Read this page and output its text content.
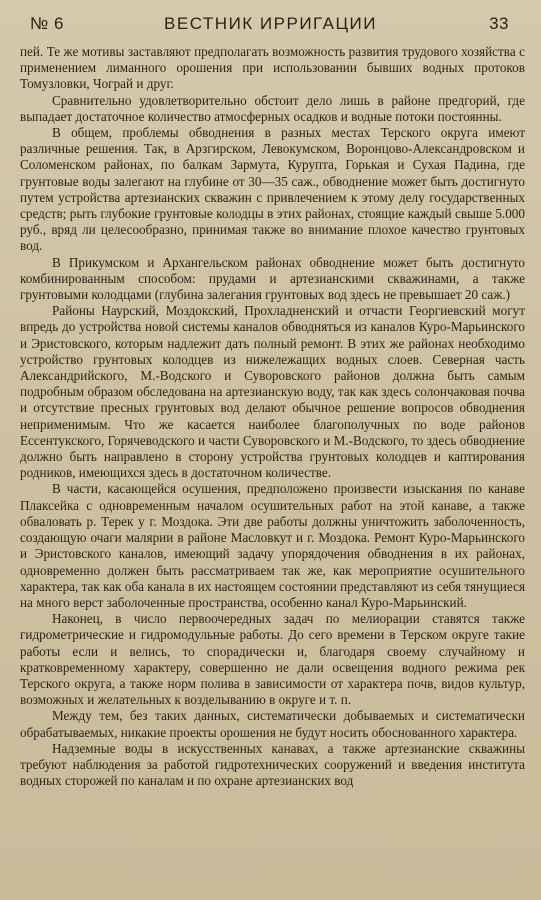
№ 6	ВЕСТНИК ИРРИГАЦИИ	33

пей. Те же мотивы заставляют предполагать возможность развития трудового хозяйства с применением лиманного орошения при использовании бывших водных протоков Томузловки, Чограй и друг.

Сравнительно удовлетворительно обстоит дело лишь в районе предгорий, где выпадает достаточное количество атмосферных осадков и водные потоки постоянны.

В общем, проблемы обводнения в разных местах Терского округа имеют различные решения. Так, в Арзгирском, Левокумском, Воронцово-Александровском и Соломенском районах, по балкам Зармута, Курупта, Горькая и Сухая Падина, где грунтовые воды залегают на глубине от 30—35 саж., обводнение может быть достигнуто путем устройства артезианских скважин с привлечением к этому делу государственных средств; рыть глубокие грунтовые колодцы в этих районах, стоящие каждый свыше 5.000 руб., вряд ли целесообразно, принимая также во внимание плохое качество грунтовых вод.

В Прикумском и Архангельском районах обводнение может быть достигнуто комбинированным способом: прудами и артезианскими скважинами, а также грунтовыми колодцами (глубина залегания грунтовых вод здесь не превышает 20 саж.)

Районы Наурский, Моздокский, Прохладненский и отчасти Георгиевский могут впредь до устройства новой системы каналов обводняться из каналов Куро-Марьинского и Эристовского, которым надлежит дать полный ремонт. В этих же районах необходимо устройство грунтовых колодцев из нижележащих водных слоев. Северная часть Александрийского, М.-Водского и Суворовского районов должна быть самым подробным образом обследована на артезианскую воду, так как здесь солончаковая почва и отсутствие пресных грунтовых вод делают обычное решение вопросов обводнения неприменимым. Что же касается наиболее благополучных по воде районов Ессентукского, Горячеводского и части Суворовского и М.-Водского, то здесь обводнение должно быть направлено в сторону устройства грунтовых колодцев и каптирования родников, имеющихся здесь в достаточном количестве.

В части, касающейся осушения, предположено произвести изыскания по канаве Плаксейка с одновременным началом осушительных работ на этой канаве, а также обваловать р. Терек у г. Моздока. Эти две работы должны уничтожить заболоченность, создающую очаги малярии в районе Масловкут и г. Моздока. Ремонт Куро-Марьинского и Эристовского каналов, имеющий задачу упорядочения обводнения в их районах, одновременно должен быть рассматриваем так же, как мероприятие осушительного характера, так как оба канала в их настоящем состоянии представляют из себя тянущиеся на много верст заболоченные пространства, особенно канал Куро-Марьинский.

Наконец, в число первоочередных задач по мелиорации ставятся также гидрометрические и гидромодульные работы. До сего времени в Терском округе такие работы если и велись, то спорадически и, благодаря своему случайному и кратковременному характеру, совершенно не дали освещения водного режима рек Терского округа, а также норм полива в зависимости от характера почв, видов культур, возможных и желательных к возделыванию в округе и т. п.

Между тем, без таких данных, систематически добываемых и систематически обрабатываемых, никакие проекты орошения не будут носить обоснованного характера.

Надземные воды в искусственных канавах, а также артезианские скважины требуют наблюдения за работой гидротехнических сооружений и введения института водных сторожей по каналам и по охране артезианских вод
